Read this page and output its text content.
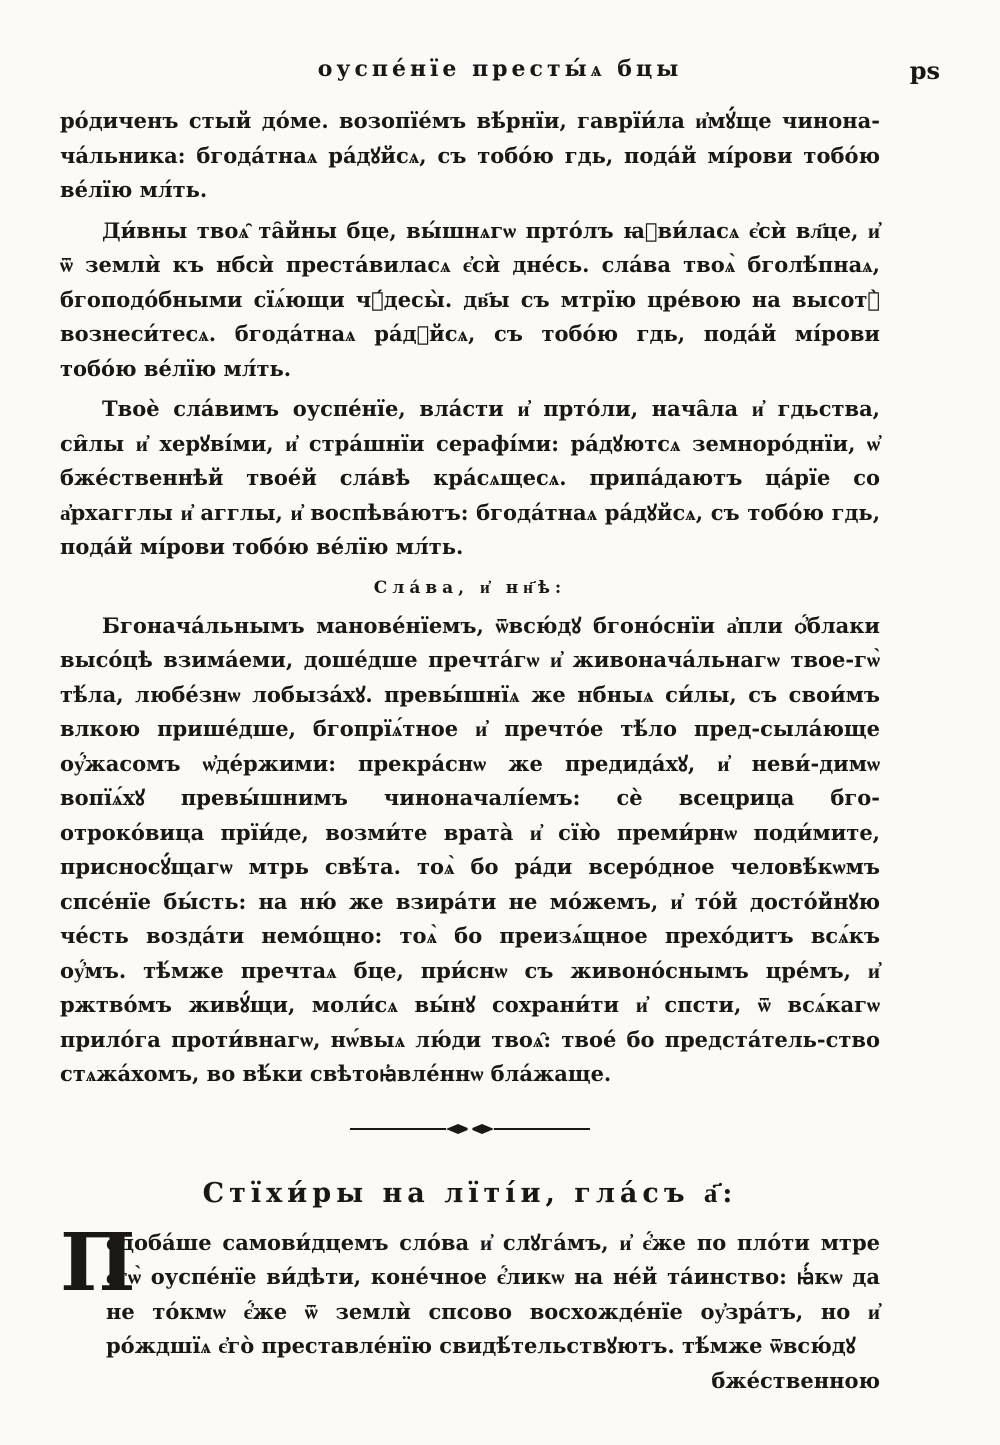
оуспе́нїе престы́ѧ бцы	рѕ

ро́диченъ стый до́ме. возопїе́мъ вѣ́рнїи, гаврїи́ла и҆мꙋ́ще чинона-ча́льника: бгода́тнаѧ ра́дꙋйсѧ, съ тобо́ю гдь, пода́й мі́рови тобо́ю ве́лїю мл́ть.

Ди́вны твоѧ̑ та̑йны бце, вы́шнѧгѡ прто́лъ ꙗ҆ви́ласѧ є҆сѝ вл҃це, и҆ ѿ землѝ къ нбсѝ преста́виласѧ є҆сѝ дне́сь. сла́ва твоѧ̀ бголѣ́пнаѧ, бгоподо́бными сїѧ́ющи чꙋ́десы̀. дв҃ы съ мтрїю цре́вою на высотꙋ̀ вознеси́тесѧ. бгода́тнаѧ ра́дꙋйсѧ, съ тобо́ю гдь, пода́й мі́рови тобо́ю ве́лїю мл́ть.

Твоѐ сла́вимъ оуспе́нїе, вла́сти и҆ прто́ли, нача̑ла и҆ гдьства, си̑лы и҆ херꙋві́ми, и҆ стра́шнїи серафі́ми: ра́дꙋютсѧ земноро́днїи, ѡ҆ бже́ственнѣй твое́й сла́вѣ кра́сѧщесѧ. припа́даютъ ца́рїе со а҆рхагглы и҆ агглы, и҆ воспѣва́ютъ: бгода́тнаѧ ра́дꙋйсѧ, съ тобо́ю гдь, пода́й мі́рови тобо́ю ве́лїю мл́ть.

Сла́ва, и҆ нн҃ѣ:

Бгонача́льнымъ манове́нїемъ, ѿвсю́дꙋ бгоно́снїи а҆пли ѻ҆́блаки высо́цѣ взима́еми, доше́дше пречта́гѡ и҆ живонача́льнагѡ твое-гѡ̀ тѣ́ла, любе́знѡ лобыза́хꙋ. превы́шнїѧ же нбныѧ си́лы, съ свои́мъ влкою прише́дше, бгопрїѧ́тное и҆ пречто́е тѣ́ло пред-сыла́юще оу҆́жасомъ ѡ҆де́ржими: прекра́снѡ же предида́хꙋ, и҆ неви́-димѡ вопїѧ́хꙋ превы́шнимъ чиноначалі́емъ: сѐ всецрица бго-отроко́вица прїи́де, возми́те врата̀ и҆ сїю̀ преми́рнѡ поди́мите, присносꙋ́щагѡ мтрь свѣ́та. тоѧ̀ бо ра́ди всеро́дное человѣ́кѡмъ спсе́нїе бы́сть: на ню́ же взира́ти не мо́жемъ, и҆ то́й досто́йнꙋю че́сть возда́ти немо́щно: тоѧ̀ бо преизѧ́щное прехо́дитъ всѧ́къ оу҆́мъ. тѣ́мже пречтаѧ бце, при́снѡ съ живоно́снымъ цре́мъ, и҆ ржтво́мъ живꙋ́щи, моли́сѧ вы́нꙋ сохрани́ти и҆ спсти, ѿ всѧ́кагѡ прило́га проти́внагѡ, нѡ́выѧ лю́ди твоѧ̑: твое́ бо предста́тель-ство стѧжа́хомъ, во вѣ́ки свѣтоꙗ҆вле́ннѡ бла́жаще.

Стїхи́ры на лїті́и, гла́съ а҃:
П

одоба́ше самови́дцемъ сло́ва и҆ слꙋга́мъ, и҆ є҆́же по пло́ти мтре є҆гѡ̀ оуспе́нїе ви́дѣти, коне́чное є҆́ликѡ на не́й та́инство: ꙗ҆́кѡ да не то́кмѡ є҆́же ѿ землѝ спсово восхожде́нїе оу҆зра́тъ, но и҆ ро́ждшїѧ є҆го̀ преставле́нїю свидѣ́тельствꙋютъ. тѣ́мже ѿвсю́дꙋ

бже́ственною
